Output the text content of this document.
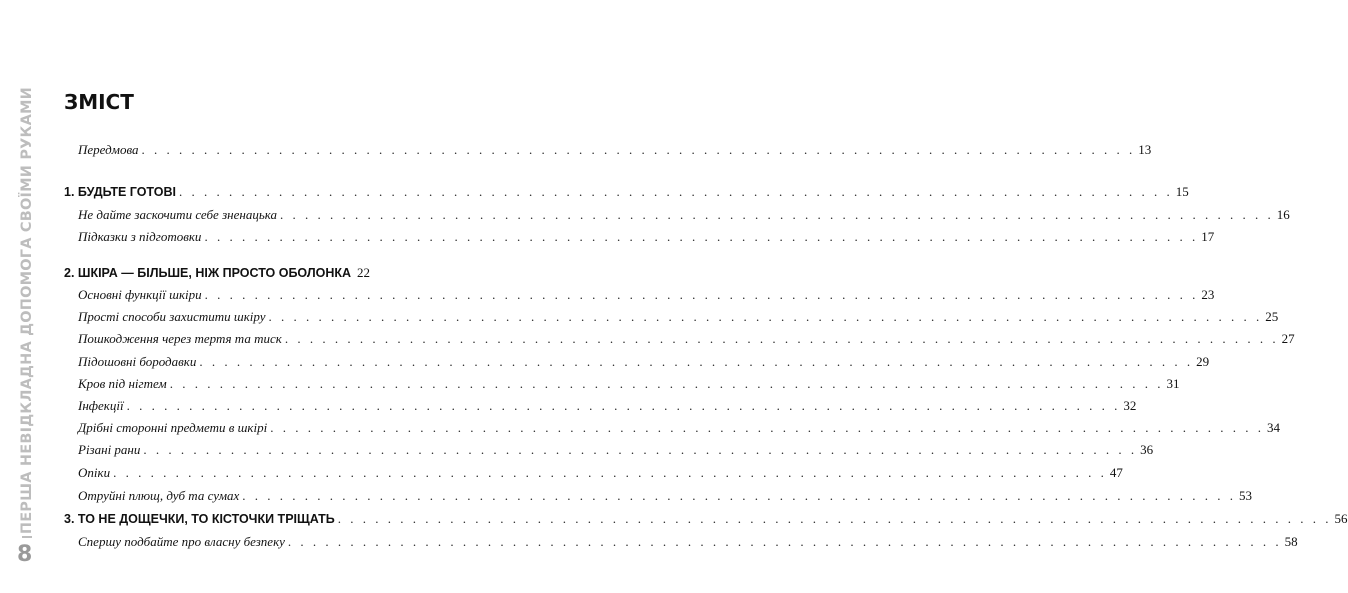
ПЕРША НЕВІДКЛАДНА ДОПОМОГА СВОЇМИ РУКАМИ
8
ЗМІСТ
Передмова . . . . . . . . . . . . . . . . . . . . . . . . . . . . . . . . . . . . . . . . . . . . . . . . . . . . . . . . . . . . . . . . . . . . . . . . . . . . . . . . 13
1. БУДЬТЕ ГОТОВІ . . . . . . . . . . . . . . . . . . . . . . . . . . . . . . . . . . . . . . . . . . . . . . . . . . . . . . . . . . . . . . . . . . . . . . . . . . . . . . . . 15
Не дайте заскочити себе зненацька . . . . . . . . . . . . . . . . . . . . . . . . . . . . . . . . . . . . . . . . . . . . . . . . . . . . . . . . . . . . . . . . . . . . . . . . . . . . . . . . 16
Підказки з підготовки . . . . . . . . . . . . . . . . . . . . . . . . . . . . . . . . . . . . . . . . . . . . . . . . . . . . . . . . . . . . . . . . . . . . . . . . . . . . . . . . 17
2. ШКІРА — БІЛЬШЕ, НІЖ ПРОСТО ОБОЛОНКА 22
Основні функції шкіри . . . . . . . . . . . . . . . . . . . . . . . . . . . . . . . . . . . . . . . . . . . . . . . . . . . . . . . . . . . . . . . . . . . . . . . . . . . . . . . . 23
Прості способи захистити шкіру . . . . . . . . . . . . . . . . . . . . . . . . . . . . . . . . . . . . . . . . . . . . . . . . . . . . . . . . . . . . . . . . . . . . . . . . . . . . . . . . 25
Пошкодження через тертя та тиск . . . . . . . . . . . . . . . . . . . . . . . . . . . . . . . . . . . . . . . . . . . . . . . . . . . . . . . . . . . . . . . . . . . . . . . . . . . . . . . . 27
Підошовні бородавки . . . . . . . . . . . . . . . . . . . . . . . . . . . . . . . . . . . . . . . . . . . . . . . . . . . . . . . . . . . . . . . . . . . . . . . . . . . . . . . . 29
Кров під нігтем . . . . . . . . . . . . . . . . . . . . . . . . . . . . . . . . . . . . . . . . . . . . . . . . . . . . . . . . . . . . . . . . . . . . . . . . . . . . . . . . 31
Інфекції . . . . . . . . . . . . . . . . . . . . . . . . . . . . . . . . . . . . . . . . . . . . . . . . . . . . . . . . . . . . . . . . . . . . . . . . . . . . . . . . 32
Дрібні сторонні предмети в шкірі . . . . . . . . . . . . . . . . . . . . . . . . . . . . . . . . . . . . . . . . . . . . . . . . . . . . . . . . . . . . . . . . . . . . . . . . . . . . . . . . 34
Різані рани . . . . . . . . . . . . . . . . . . . . . . . . . . . . . . . . . . . . . . . . . . . . . . . . . . . . . . . . . . . . . . . . . . . . . . . . . . . . . . . . 36
Опіки . . . . . . . . . . . . . . . . . . . . . . . . . . . . . . . . . . . . . . . . . . . . . . . . . . . . . . . . . . . . . . . . . . . . . . . . . . . . . . . . 47
Отруйні плющ, дуб та сумах . . . . . . . . . . . . . . . . . . . . . . . . . . . . . . . . . . . . . . . . . . . . . . . . . . . . . . . . . . . . . . . . . . . . . . . . . . . . . . . . 53
3. ТО НЕ ДОЩЕЧКИ, ТО КІСТОЧКИ ТРІЩАТЬ . . . . . . . . . . . . . . . . . . . . . . . . . . . . . . . . . . . . . . . . . . . . . . . . . . . . . . . . . . . . . . . . . . . . . . . . . . . . . . . . 56
Спершу подбайте про власну безпеку . . . . . . . . . . . . . . . . . . . . . . . . . . . . . . . . . . . . . . . . . . . . . . . . . . . . . . . . . . . . . . . . . . . . . . . . . . . . . . . . 58
